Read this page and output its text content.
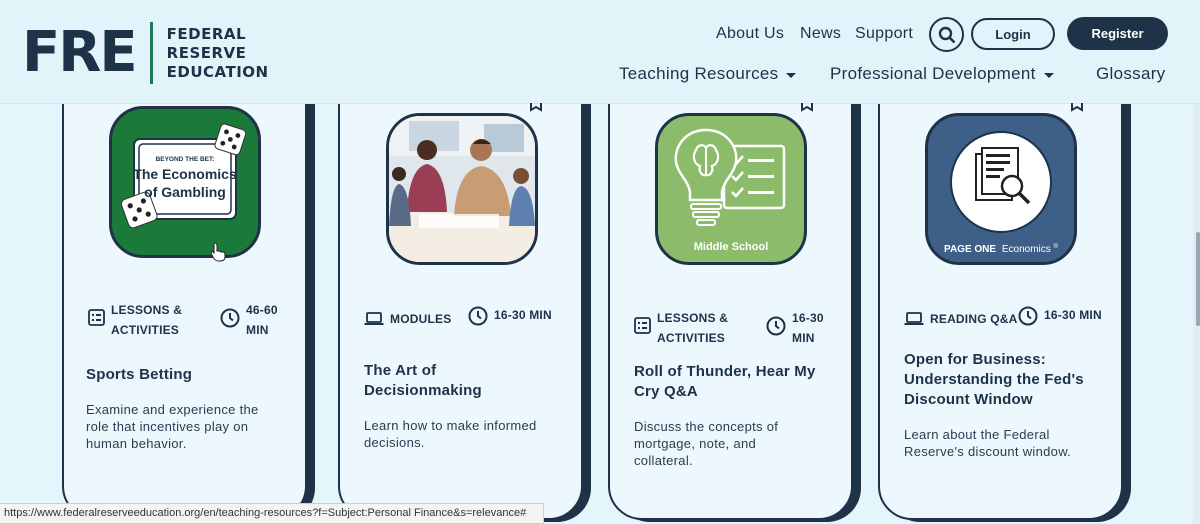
BEYOND THE BET:
The Economics
of Gambling
LESSONS &
ACTIVITIES
46-60
MIN
Sports Betting
Examine and experience the
role that incentives play on
human behavior.
MODULES	16-30 MIN
The Art of
Decisionmaking
Learn how to make informed
decisions.
Middle School
LESSONS &
ACTIVITIES
16-30
MIN
Roll of Thunder, Hear My
Cry Q&A
Discuss the concepts of
mortgage, note, and
collateral.
PAGE ONE Economics ®
READING Q&A 16-30 MIN
Open for Business:
Understanding the Fed's
Discount Window
Learn about the Federal
Reserve's discount window.
FRE FEDERAL
RESERVE
EDUCATION
About Us News Support	Login	Register
Teaching Resources	Professional Development	Glossary
https://www.federalreserveeducation.org/en/teaching-resources?f=Subject:Personal Finance&s=relevance#
